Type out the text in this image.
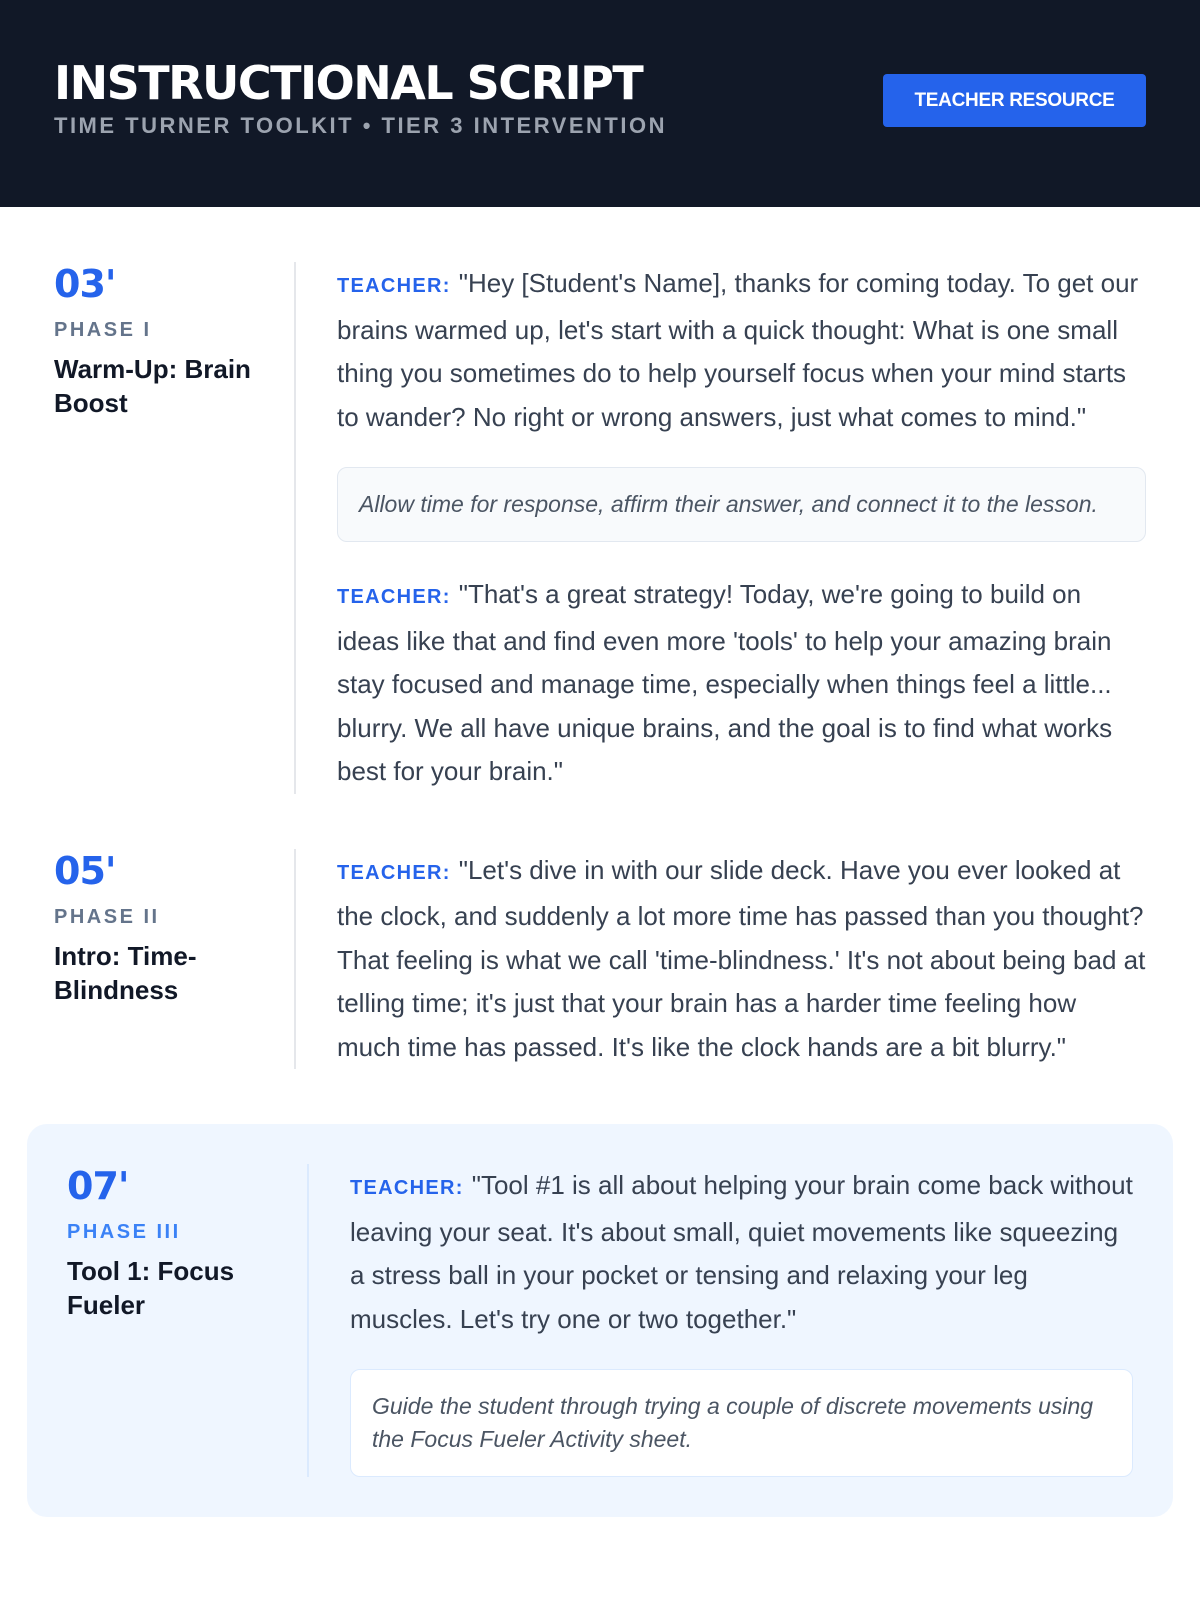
INSTRUCTIONAL SCRIPT
TIME TURNER TOOLKIT • TIER 3 INTERVENTION
TEACHER RESOURCE
03'
PHASE I
Warm-Up: Brain Boost

TEACHER: "Hey [Student's Name], thanks for coming today. To get our brains warmed up, let's start with a quick thought: What is one small thing you sometimes do to help yourself focus when your mind starts to wander? No right or wrong answers, just what comes to mind."

Allow time for response, affirm their answer, and connect it to the lesson.

TEACHER: "That's a great strategy! Today, we're going to build on ideas like that and find even more 'tools' to help your amazing brain stay focused and manage time, especially when things feel a little... blurry. We all have unique brains, and the goal is to find what works best for your brain."

05'
PHASE II
Intro: Time-Blindness

TEACHER: "Let's dive in with our slide deck. Have you ever looked at the clock, and suddenly a lot more time has passed than you thought? That feeling is what we call 'time-blindness.' It's not about being bad at telling time; it's just that your brain has a harder time feeling how much time has passed. It's like the clock hands are a bit blurry."

07'
PHASE III
Tool 1: Focus Fueler

TEACHER: "Tool #1 is all about helping your brain come back without leaving your seat. It's about small, quiet movements like squeezing a stress ball in your pocket or tensing and relaxing your leg muscles. Let's try one or two together."

Guide the student through trying a couple of discrete movements using the Focus Fueler Activity sheet.
